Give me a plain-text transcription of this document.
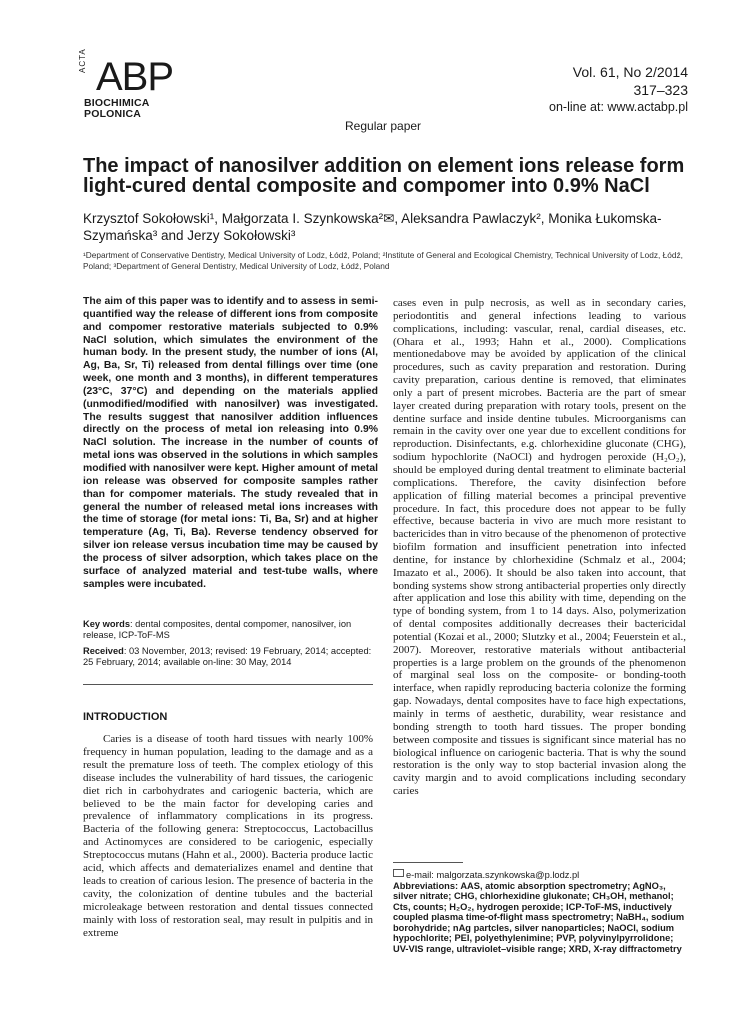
ACTA ABP
BIOCHIMICA
POLONICA
Vol. 61, No 2/2014
317–323
on-line at: www.actabp.pl
Regular paper
The impact of nanosilver addition on element ions release form light-cured dental composite and compomer into 0.9% NaCl
Krzysztof Sokołowski¹, Małgorzata I. Szynkowska²✉, Aleksandra Pawlaczyk², Monika Łukomska-Szymańska³ and Jerzy Sokołowski³
¹Department of Conservative Dentistry, Medical University of Lodz, Łódź, Poland; ²Institute of General and Ecological Chemistry, Technical University of Lodz, Łódź, Poland; ³Department of General Dentistry, Medical University of Lodz, Łódź, Poland

The aim of this paper was to identify and to assess in semi-quantified way the release of different ions from composite and compomer restorative materials subjected to 0.9% NaCl solution, which simulates the environment of the human body. In the present study, the number of ions (Al, Ag, Ba, Sr, Ti) released from dental fillings over time (one week, one month and 3 months), in different temperatures (23°C, 37°C) and depending on the materials applied (unmodified/modified with nanosilver) was investigated. The results suggest that nanosilver addition influences directly on the process of metal ion releasing into 0.9% NaCl solution. The increase in the number of counts of metal ions was observed in the solutions in which samples modified with nanosilver were kept. Higher amount of metal ion release was observed for composite samples rather than for compomer materials. The study revealed that in general the number of released metal ions increases with the time of storage (for metal ions: Ti, Ba, Sr) and at higher temperature (Ag, Ti, Ba). Reverse tendency observed for silver ion release versus incubation time may be caused by the process of silver adsorption, which takes place on the surface of analyzed material and test-tube walls, where samples were incubated.

Key words: dental composites, dental compomer, nanosilver, ion release, ICP-ToF-MS

Received: 03 November, 2013; revised: 19 February, 2014; accepted: 25 February, 2014; available on-line: 30 May, 2014

INTRODUCTION

Caries is a disease of tooth hard tissues with nearly 100% frequency in human population, leading to the damage and as a result the premature loss of teeth. The complex etiology of this disease includes the vulnerability of hard tissues, the cariogenic diet rich in carbohydrates and cariogenic bacteria, which are believed to be the main factor for developing caries and prevalence of inflammatory complications in its progress. Bacteria of the following genera: Streptococcus, Lactobacillus and Actinomyces are considered to be cariogenic, especially Streptococcus mutans (Hahn et al., 2000). Bacteria produce lactic acid, which affects and dematerializes enamel and dentine that leads to creation of carious lesion. The presence of bacteria in the cavity, the colonization of dentine tubules and the bacterial microleakage between restoration and dental tissues connected mainly with loss of restoration seal, may result in pulpitis and in extreme

cases even in pulp necrosis, as well as in secondary caries, periodontitis and general infections leading to various complications, including: vascular, renal, cardial diseases, etc. (Ohara et al., 1993; Hahn et al., 2000). Complications mentionedabove may be avoided by application of the clinical procedures, such as cavity preparation and restoration. During cavity preparation, carious dentine is removed, that eliminates only a part of present microbes. Bacteria are the part of smear layer created during preparation with rotary tools, present on the dentine surface and inside dentine tubules. Microorganisms can remain in the cavity over one year due to excellent conditions for reproduction. Disinfectants, e.g. chlorhexidine gluconate (CHG), sodium hypochlorite (NaOCl) and hydrogen peroxide (H₂O₂), should be employed during dental treatment to eliminate bacterial complications. Therefore, the cavity disinfection before application of filling material becomes a principal preventive procedure. In fact, this procedure does not appear to be fully effective, because bacteria in vivo are much more resistant to bactericides than in vitro because of the phenomenon of protective biofilm formation and insufficient penetration into infected dentine, for instance by chlorhexidine (Schmalz et al., 2004; Imazato et al., 2006). It should be also taken into account, that bonding systems show strong antibacterial properties only directly after application and lose this ability with time, depending on the type of bonding system, from 1 to 14 days. Also, polymerization of dental composites additionally decreases their bactericidal potential (Kozai et al., 2000; Slutzky et al., 2004; Feuerstein et al., 2007). Moreover, restorative materials without antibacterial properties is a large problem on the grounds of the phenomenon of marginal seal loss on the composite- or bonding-tooth interface, when rapidly reproducing bacteria colonize the forming gap. Nowadays, dental composites have to face high expectations, mainly in terms of aesthetic, durability, wear resistance and bonding strength to tooth hard tissues. The proper bonding between composite and tissues is significant since material has no biological influence on cariogenic bacteria. That is why the sound restoration is the only way to stop bacterial invasion along the cavity margin and to avoid complications including secondary caries

e-mail: malgorzata.szynkowska@p.lodz.pl
Abbreviations: AAS, atomic absorption spectrometry; AgNO₃, silver nitrate; CHG, chlorhexidine glukonate; CH₃OH, methanol; Cts, counts; H₂O₂, hydrogen peroxide; ICP-ToF-MS, inductively coupled plasma time-of-flight mass spectrometry; NaBH₄, sodium borohydride; nAg partcles, silver nanoparticles; NaOCl, sodium hypochlorite; PEI, polyethylenimine; PVP, polyvinylpyrrolidone; UV-VIS range, ultraviolet–visible range; XRD, X-ray diffractometry
